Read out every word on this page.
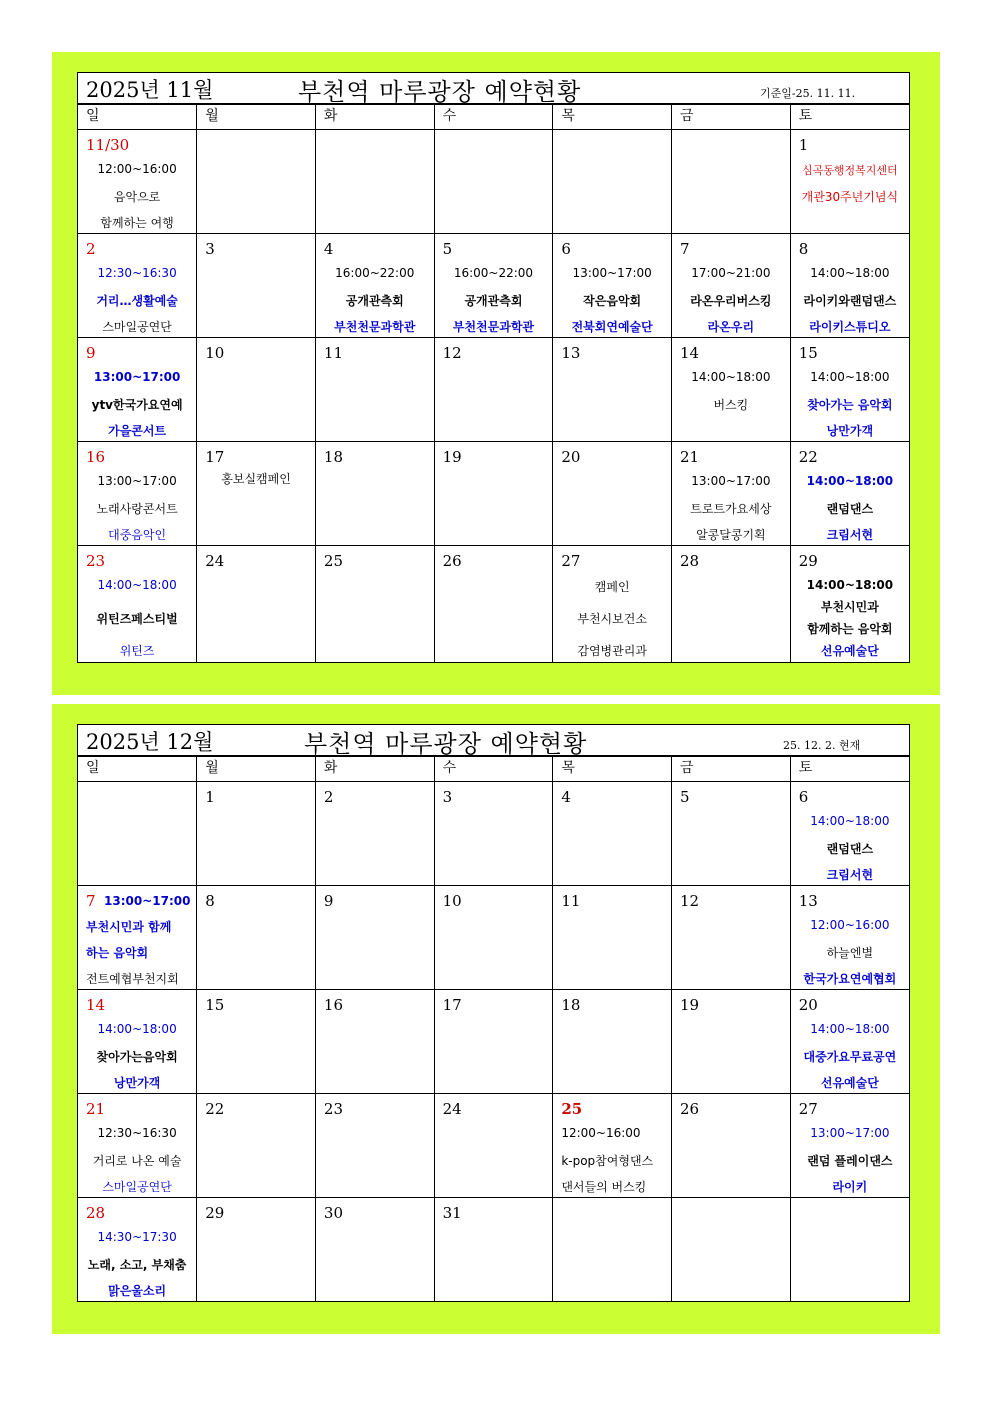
2025년 11월	부천역 마루광장 예약현황	기준일-25. 11. 11.
일	월	화	수	목	금	토

11/30
12:00~16:00
음악으로
함께하는 여행						1
심곡동행정복지센터
개관30주년기념식

2
12:30~16:30
거리…생활예술
스마일공연단	3	4
16:00~22:00
공개관측회
부천천문과학관	5
16:00~22:00
공개관측회
부천천문과학관	6
13:00~17:00
작은음악회
전북회연예술단	7
17:00~21:00
라온우리버스킹
라온우리	8
14:00~18:00
라이키와랜덤댄스
라이키스튜디오

9
13:00~17:00
ytv한국가요연예
가을콘서트	10	11	12	13	14
14:00~18:00
버스킹	15
14:00~18:00
찾아가는 음악회
낭만가객

16
13:00~17:00
노래사랑콘서트
대중음악인	17
홍보실캠페인	18	19	20	21
13:00~17:00
트로트가요세상
알콩달콩기획	22
14:00~18:00
랜덤댄스
크림서현

23
14:00~18:00
위틴즈페스티벌
위틴즈	24	25	26	27
캠페인
부천시보건소
감염병관리과	28	29
14:00~18:00
부천시민과
함께하는 음악회
선유예술단
2025년 12월	부천역 마루광장 예약현황	25. 12. 2. 현재
일	월	화	수	목	금	토

	1	2	3	4	5	6
14:00~18:00
랜덤댄스
크림서현

7 13:00~17:00
부천시민과 함께
하는 음악회
전트예협부천지회	8	9	10	11	12	13
12:00~16:00
하늘엔별
한국가요연예협회

14
14:00~18:00
찾아가는음악회
낭만가객	15	16	17	18	19	20
14:00~18:00
대중가요무료공연
선유예술단

21
12:30~16:30
거리로 나온 예술
스마일공연단	22	23	24	25
12:00~16:00
k-pop참여형댄스
댄서들의 버스킹	26	27
13:00~17:00
랜덤 플레이댄스
라이키

28
14:30~17:30
노래, 소고, 부채춤
맑은울소리	29	30	31			
